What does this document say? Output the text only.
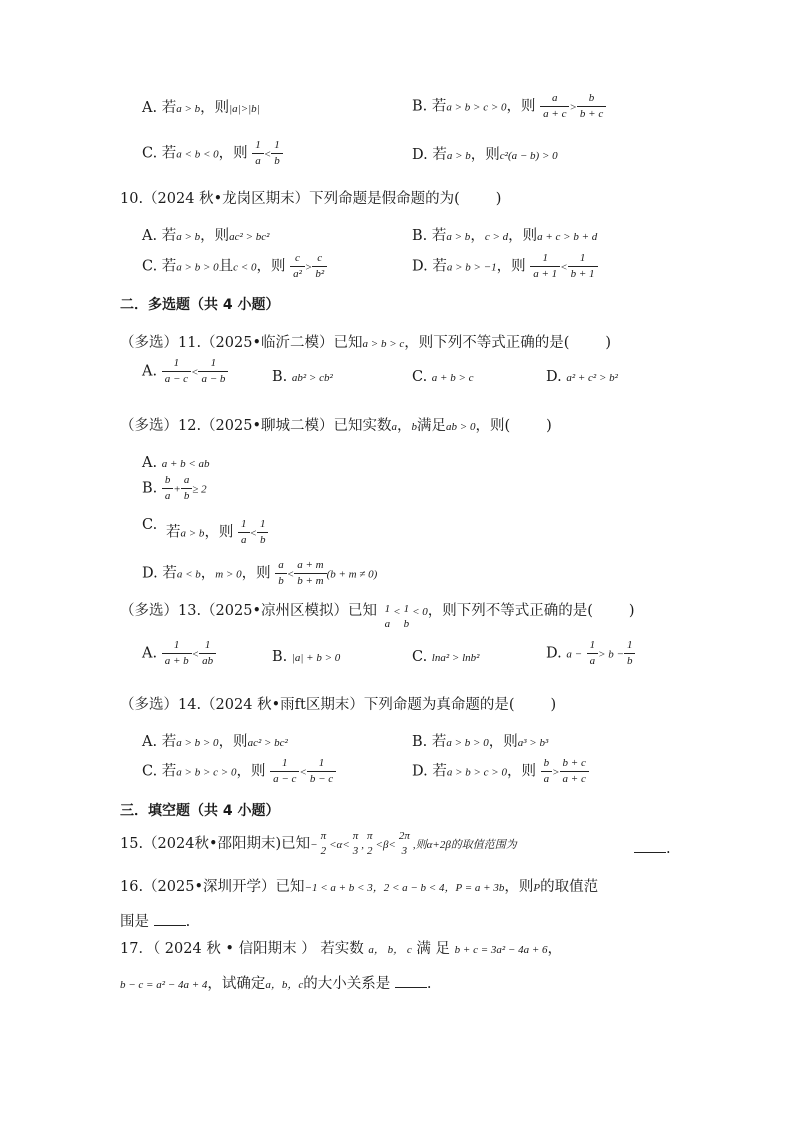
A. 若a > b，则|a|>|b|	B. 若a > b > c > 0，则 $\frac{a}{a + c} > \frac{b}{b + c}$
C. 若a < b < 0，则 $\frac{1}{a} < \frac{1}{b}$	D. 若a > b，则c²(a − b) > 0
10.（2024 秋•龙岗区期末）下列命题是假命题的为( )
A. 若a > b，则ac² > bc²	B. 若a > b，c > d，则a + c > b + d
C. 若a > b > 0且c < 0，则 $\frac{c}{\text{a²}} > \frac{c}{\text{b²}}$	D. 若a > b > −1，则 $\frac{1}{a + 1} < \frac{1}{b + 1}$
二．多选题（共 4 小题）
（多选）11.（2025•临沂二模）已知a > b > c，则下列不等式正确的是( )
A. $\frac{1}{a - c} < \frac{1}{a - b}$	B. ab² > cb²	C. a + b > c	D. a² + c² > b²
（多选）12.（2025•聊城二模）已知实数a，b满足ab > 0，则( )
A. a + b < ab
B. $\frac{b}{a} + \frac{a}{b} \ge 2$
C. 若a > b，则 $\frac{1}{a} < \frac{1}{b}$
D. 若a < b，m > 0，则 $\frac{a}{b} < \frac{a + m}{b + m} (b + m \ne 0)$
（多选）13.（2025•凉州区模拟）已知 1
a
< 1
b
< 0，则下列不等式正确的是( )
A. $\frac{1}{a + b} < \frac{1}{ab}$	B. |a| + b > 0	C. lna² > lnb²	D. $a - \frac{1}{a} > b - \frac{1}{b}$
（多选）14.（2024 秋•雨ft区期末）下列命题为真命题的是( )
A. 若a > b > 0，则ac² > bc²	B. 若a > b > 0，则a³ > b³
C. 若a > b > c > 0，则 $\frac{1}{a - c} < \frac{1}{b - c}$	D. 若a > b > c > 0，则 $\frac{b}{a} > \frac{b + c}{a + c}$
三．填空题（共 4 小题）
15.（2024秋•邵阳期末)已知−
π
2 <α<
π
3 ,
π
2 <β<
2π
3 ,则α+2β的取值范围为	.
16.（2025•深圳开学）已知−1 < a + b < 3，2 < a − b < 4，P = a + 3b，则P的取值范
围是	.
17．（ 2024 秋 • 信阳期末 ） 若实数 a， b， c 满 足 b + c = 3a² − 4a + 6，
b − c = a² − 4a + 4，试确定a，b，c的大小关系是	.
